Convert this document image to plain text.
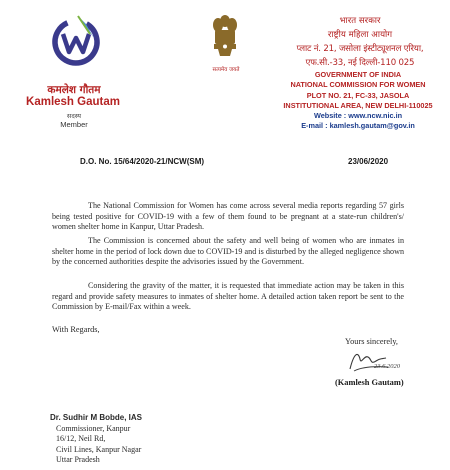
कमलेश गौतम
Kamlesh Gautam
सदस्य
Member
सत्यमेव जयते
भारत सरकार
राष्ट्रीय महिला आयोग
प्लाट नं. 21, जसोला इंस्टीट्यूशनल एरिया,
एफ.सी.-33, नई दिल्ली-110 025
GOVERNMENT OF INDIA
NATIONAL COMMISSION FOR WOMEN
PLOT NO. 21, FC-33, JASOLA
INSTITUTIONAL AREA, NEW DELHI-110025
Website : www.ncw.nic.in
E-mail : kamlesh.gautam@gov.in
D.O. No. 15/64/2020-21/NCW(SM)	23/06/2020
The National Commission for Women has come across several media reports regarding 57 girls being tested positive for COVID-19 with a few of them found to be pregnant at a state-run children's/ women shelter home in Kanpur, Uttar Pradesh.
The Commission is concerned about the safety and well being of women who are inmates in shelter home in the period of lock down due to COVID-19 and is disturbed by the alleged negligence shown by the concerned authorities despite the advisories issued by the Government.
Considering the gravity of the matter, it is requested that immediate action may be taken in this regard and provide safety measures to inmates of shelter home. A detailed action taken report be sent to the Commission by E-mail/Fax within a week.
With Regards,
Yours sincerely,
23.6.2020
(Kamlesh Gautam)
Dr. Sudhir M Bobde, IAS
Commissioner, Kanpur
16/12, Neil Rd,
Civil Lines, Kanpur Nagar
Uttar Pradesh
